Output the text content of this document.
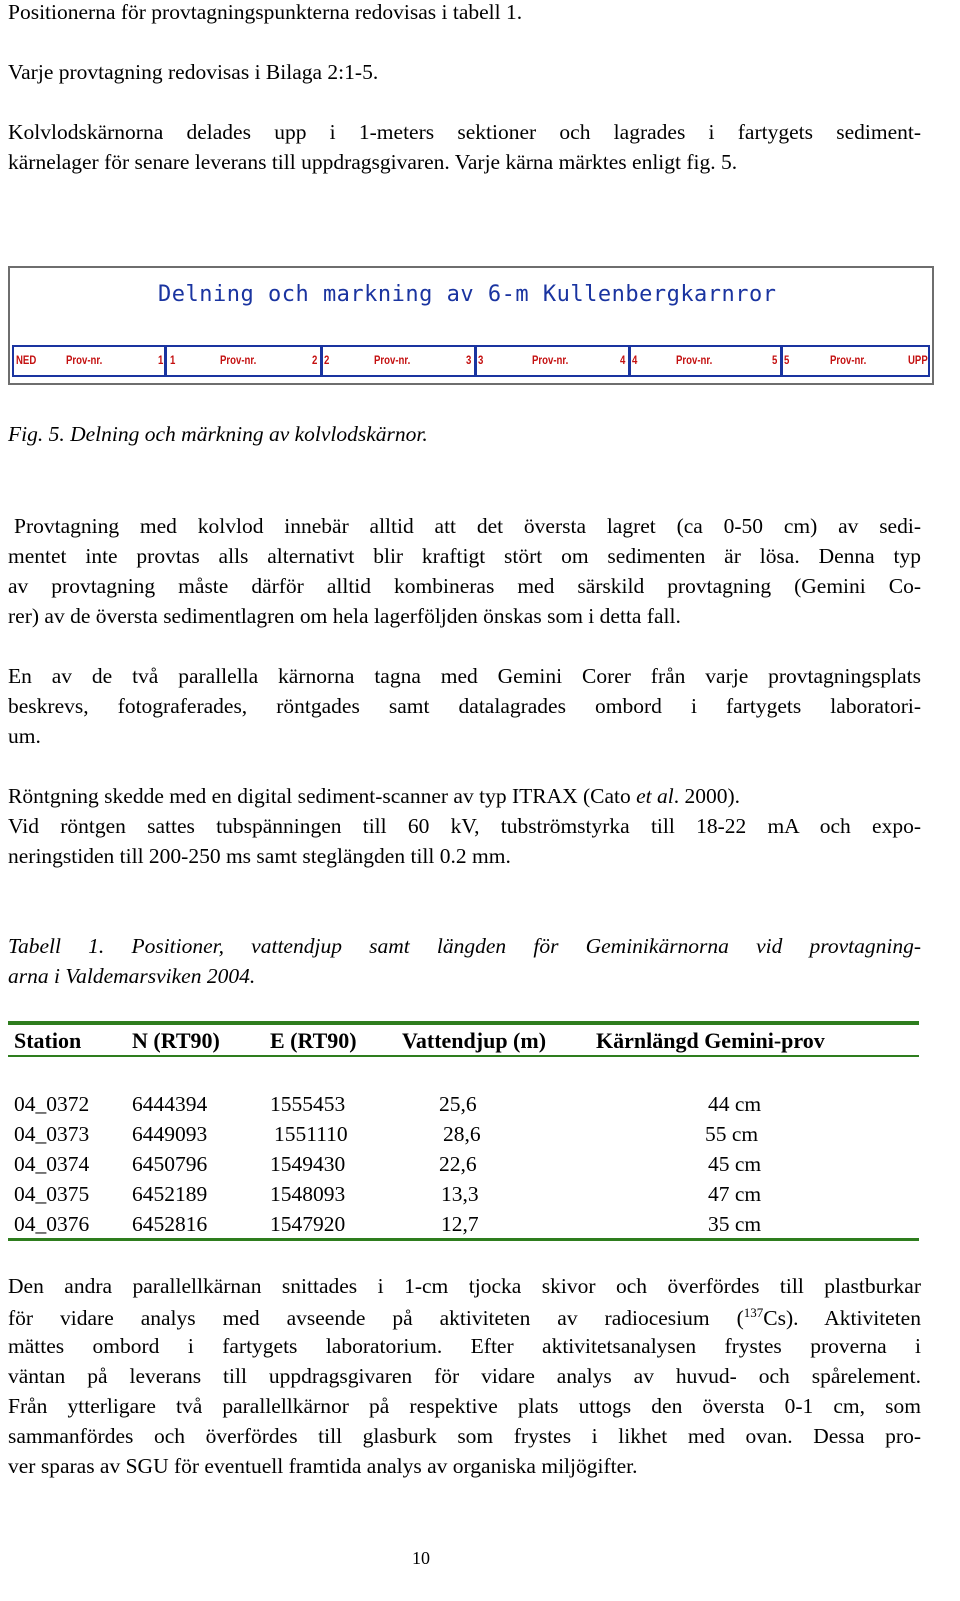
Positionerna för provtagningspunkterna redovisas i tabell 1.
Varje provtagning redovisas i Bilaga 2:1-5.
Kolvlodskärnorna delades upp i 1-meters sektioner och lagrades i fartygets sediment-
kärnelager för senare leverans till uppdragsgivaren. Varje kärna märktes enligt fig. 5.
Delning och markning av 6-m Kullenbergkarnror
NED Prov-nr.	1 1	Prov-nr.	2 2	Prov-nr.	3 3	Prov-nr.	4 4	Prov-nr.	5 5	Prov-nr.	UPP
Fig. 5. Delning och märkning av kolvlodskärnor.
Provtagning med kolvlod innebär alltid att det översta lagret (ca 0-50 cm) av sedi-
mentet inte provtas alls alternativt blir kraftigt stört om sedimenten är lösa. Denna typ
av provtagning måste därför alltid kombineras med särskild provtagning (Gemini Co-
rer) av de översta sedimentlagren om hela lagerföljden önskas som i detta fall.
En av de två parallella kärnorna tagna med Gemini Corer från varje provtagningsplats
beskrevs, fotograferades, röntgades samt datalagrades ombord i fartygets laboratori-
um.
Röntgning skedde med en digital sediment-scanner av typ ITRAX (Cato et al. 2000).
Vid röntgen sattes tubspänningen till 60 kV, tubströmstyrka till 18-22 mA och expo-
neringstiden till 200-250 ms samt steglängden till 0.2 mm.
Tabell 1. Positioner, vattendjup samt längden för Geminikärnorna vid provtagning-
arna i Valdemarsviken 2004.
Station N (RT90) E (RT90) Vattendjup (m) Kärnlängd Gemini-prov
04_0372 6444394	1555453	25,6	44 cm
04_0373 6449093	1551110	28,6	55 cm
04_0374 6450796	1549430	22,6	45 cm
04_0375 6452189	1548093	13,3	47 cm
04_0376 6452816	1547920	12,7	35 cm
Den andra parallellkärnan snittades i 1-cm tjocka skivor och överfördes till plastburkar
för vidare analys med avseende på aktiviteten av radiocesium ($^{137}$Cs). Aktiviteten
mättes ombord i fartygets laboratorium. Efter aktivitetsanalysen frystes proverna i
väntan på leverans till uppdragsgivaren för vidare analys av huvud- och spårelement.
Från ytterligare två parallellkärnor på respektive plats uttogs den översta 0-1 cm, som
sammanfördes och överfördes till glasburk som frystes i likhet med ovan. Dessa pro-
ver sparas av SGU för eventuell framtida analys av organiska miljögifter.
10
